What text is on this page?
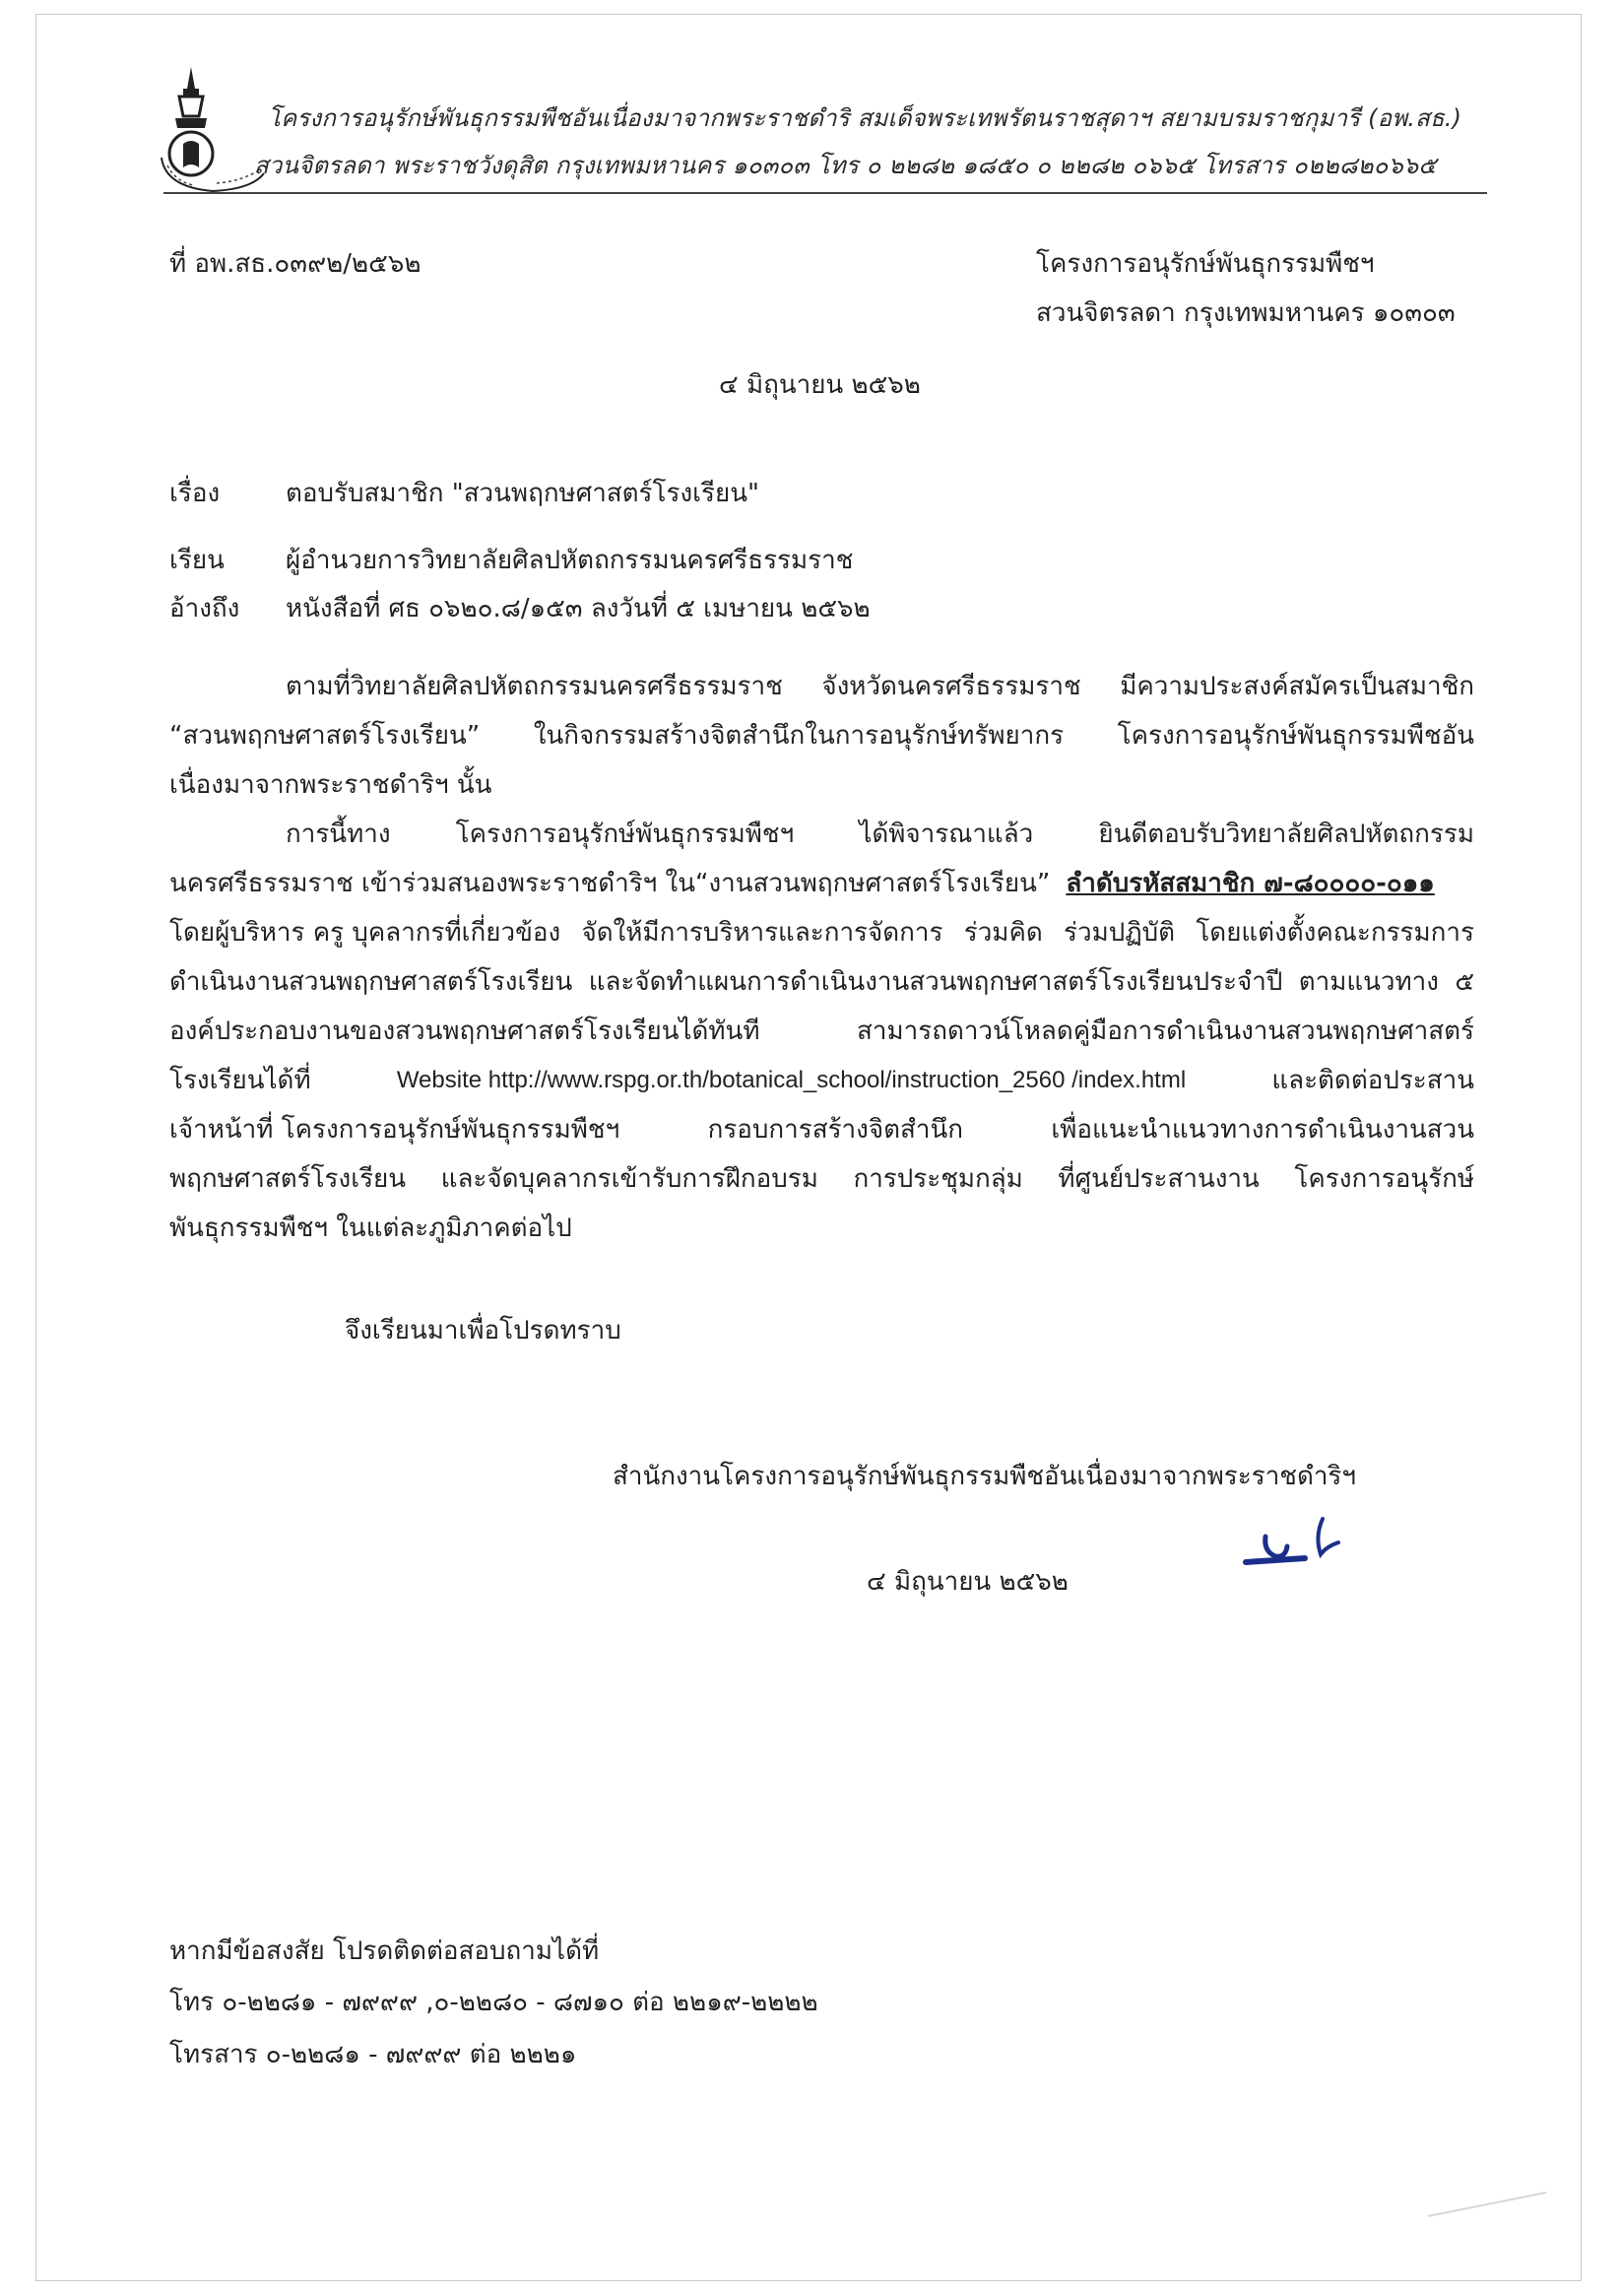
โครงการอนุรักษ์พันธุกรรมพืชอันเนื่องมาจากพระราชดำริ สมเด็จพระเทพรัตนราชสุดาฯ สยามบรมราชกุมารี (อพ.สธ.)
สวนจิตรลดา พระราชวังดุสิต กรุงเทพมหานคร ๑๐๓๐๓ โทร ๐ ๒๒๘๒ ๑๘๕๐ ๐ ๒๒๘๒ ๐๖๖๕ โทรสาร ๐๒๒๘๒๐๖๖๕
ที่ อพ.สธ.๐๓๙๒/๒๕๖๒	โครงการอนุรักษ์พันธุกรรมพืชฯ
สวนจิตรลดา กรุงเทพมหานคร ๑๐๓๐๓
๔ มิถุนายน ๒๕๖๒
เรื่อง	ตอบรับสมาชิก "สวนพฤกษศาสตร์โรงเรียน"
เรียน ผู้อำนวยการวิทยาลัยศิลปหัตถกรรมนครศรีธรรมราช
อ้างถึง หนังสือที่ ศธ ๐๖๒๐.๘/๑๕๓ ลงวันที่ ๕ เมษายน ๒๕๖๒
ตามที่วิทยาลัยศิลปหัตถกรรมนครศรีธรรมราช จังหวัดนครศรีธรรมราช มีความประสงค์สมัครเป็นสมาชิก
“สวนพฤกษศาสตร์โรงเรียน” ในกิจกรรมสร้างจิตสำนึกในการอนุรักษ์ทรัพยากร โครงการอนุรักษ์พันธุกรรมพืชอัน
เนื่องมาจากพระราชดำริฯ นั้น
การนี้ทาง	โครงการอนุรักษ์พันธุกรรมพืชฯ	ได้พิจารณาแล้ว	ยินดีตอบรับวิทยาลัยศิลปหัตถกรรม
นครศรีธรรมราช เข้าร่วมสนองพระราชดำริฯ ใน“งานสวนพฤกษศาสตร์โรงเรียน” ลำดับรหัสสมาชิก ๗-๘๐๐๐๐-๐๑๑
โดยผู้บริหาร ครู บุคลากรที่เกี่ยวข้อง จัดให้มีการบริหารและการจัดการ ร่วมคิด ร่วมปฏิบัติ โดยแต่งตั้งคณะกรรมการ
ดำเนินงานสวนพฤกษศาสตร์โรงเรียน และจัดทำแผนการดำเนินงานสวนพฤกษศาสตร์โรงเรียนประจำปี ตามแนวทาง ๕
องค์ประกอบงานของสวนพฤกษศาสตร์โรงเรียนได้ทันที	สามารถดาวน์โหลดคู่มือการดำเนินงานสวนพฤกษศาสตร์
โรงเรียนได้ที่	Website http://www.rspg.or.th/botanical_school/instruction_2560 /index.html	และติดต่อประสาน
เจ้าหน้าที่ โครงการอนุรักษ์พันธุกรรมพืชฯ	กรอบการสร้างจิตสำนึก	เพื่อแนะนำแนวทางการดำเนินงานสวน
พฤกษศาสตร์โรงเรียน และจัดบุคลากรเข้ารับการฝึกอบรม การประชุมกลุ่ม ที่ศูนย์ประสานงาน โครงการอนุรักษ์
พันธุกรรมพืชฯ ในแต่ละภูมิภาคต่อไป
จึงเรียนมาเพื่อโปรดทราบ
สำนักงานโครงการอนุรักษ์พันธุกรรมพืชอันเนื่องมาจากพระราชดำริฯ
๔ มิถุนายน ๒๕๖๒
หากมีข้อสงสัย โปรดติดต่อสอบถามได้ที่
โทร ๐-๒๒๘๑ - ๗๙๙๙ ,๐-๒๒๘๐ - ๘๗๑๐ ต่อ ๒๒๑๙-๒๒๒๒
โทรสาร ๐-๒๒๘๑ - ๗๙๙๙ ต่อ ๒๒๒๑
